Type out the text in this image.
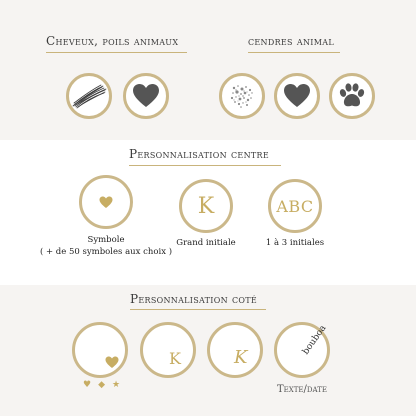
Cheveux, poils animaux	cendres animal
Personnalisation centre
Symbole
( + de 50 symboles aux choix )
K
Grand initiale
ABC
1 à 3 initiales
Personnalisation coté
♥ ◆ ★
K	K
bouboa
Texte/date
